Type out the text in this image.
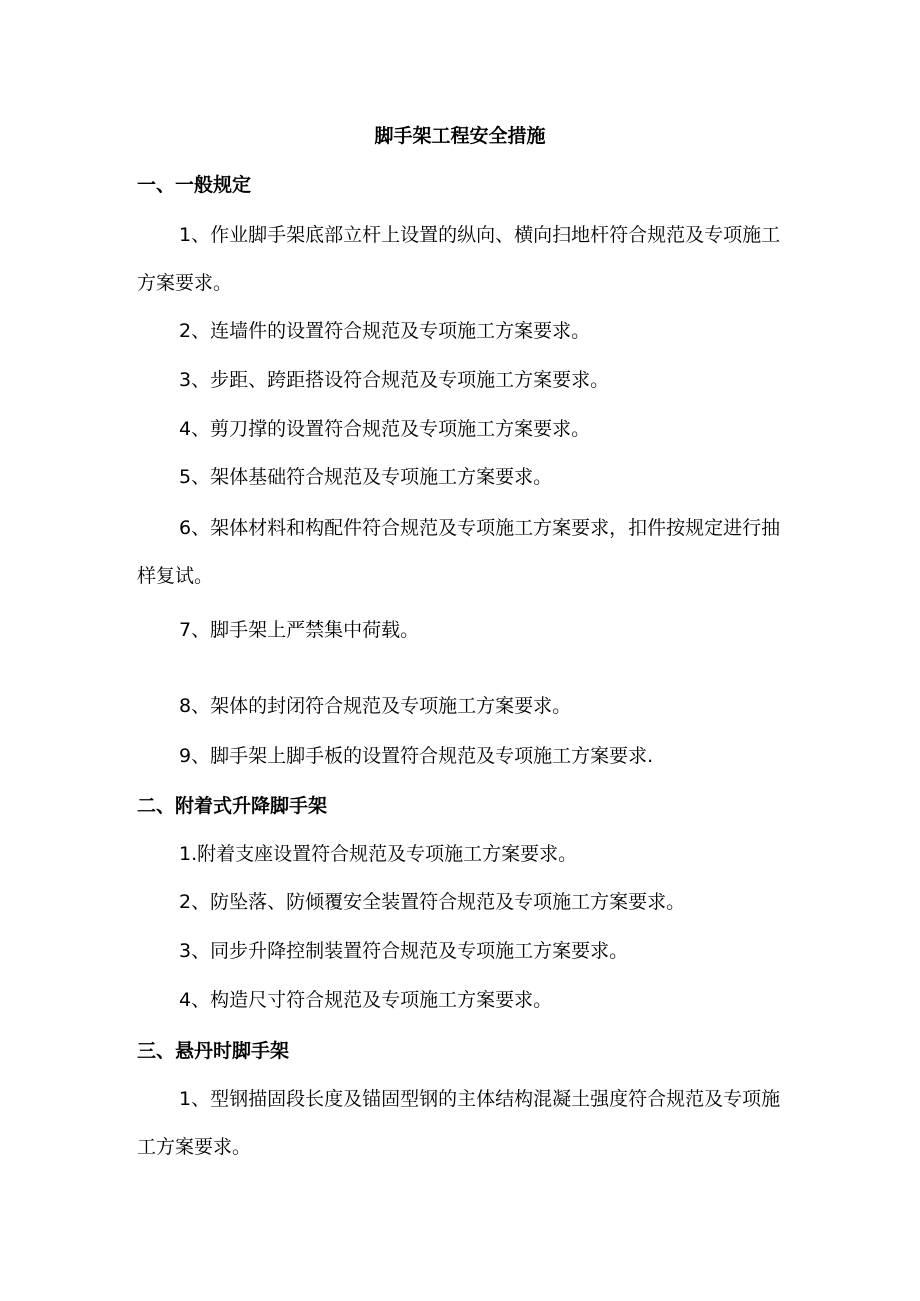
脚手架工程安全措施
一、一般规定
1、作业脚手架底部立杆上设置的纵向、横向扫地杆符合规范及专项施工方案要求。
2、连墙件的设置符合规范及专项施工方案要求。
3、步距、跨距搭设符合规范及专项施工方案要求。
4、剪刀撑的设置符合规范及专项施工方案要求。
5、架体基础符合规范及专项施工方案要求。
6、架体材料和构配件符合规范及专项施工方案要求，扣件按规定进行抽样复试。
7、脚手架上严禁集中荷载。
8、架体的封闭符合规范及专项施工方案要求。
9、脚手架上脚手板的设置符合规范及专项施工方案要求.
二、附着式升降脚手架
1.附着支座设置符合规范及专项施工方案要求。
2、防坠落、防倾覆安全装置符合规范及专项施工方案要求。
3、同步升降控制装置符合规范及专项施工方案要求。
4、构造尺寸符合规范及专项施工方案要求。
三、悬丹时脚手架
1、型钢描固段长度及锚固型钢的主体结构混凝土强度符合规范及专项施工方案要求。
